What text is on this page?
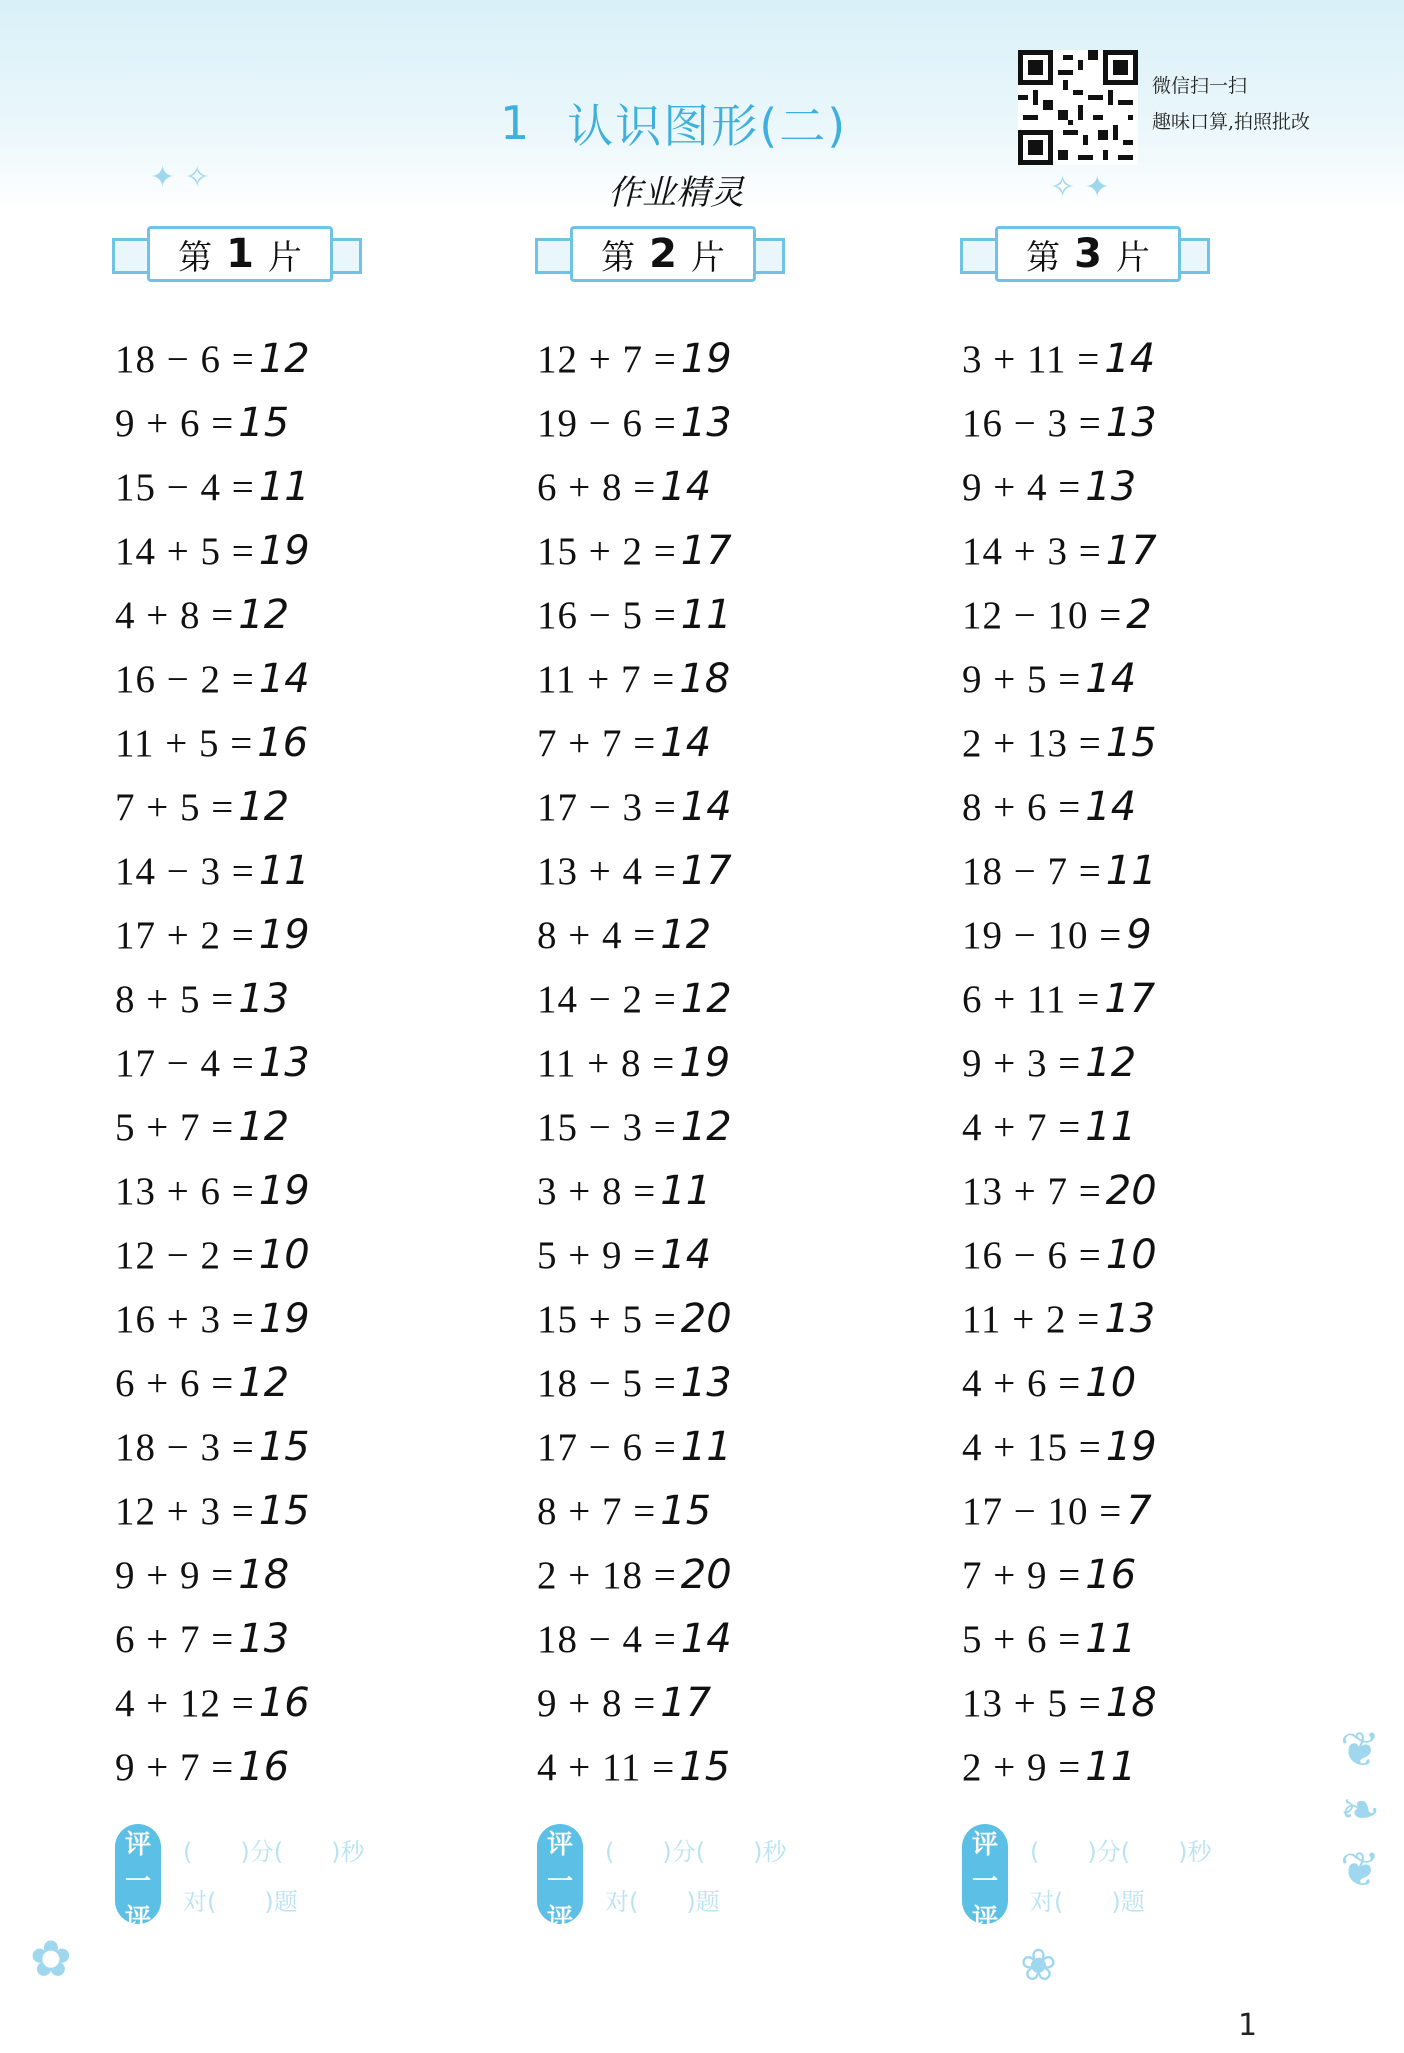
✦ ✧	✧ ✦
✿	❀
❦
❧
❦
1 认识图形(二)
作业精灵
微信扫一扫
趣味口算,拍照批改
第 1 片	第 2 片	第 3 片
18 − 6 = 12
9 + 6 = 15
15 − 4 = 11
14 + 5 = 19
4 + 8 = 12
16 − 2 = 14
11 + 5 = 16
7 + 5 = 12
14 − 3 = 11
17 + 2 = 19
8 + 5 = 13
17 − 4 = 13
5 + 7 = 12
13 + 6 = 19
12 − 2 = 10
16 + 3 = 19
6 + 6 = 12
18 − 3 = 15
12 + 3 = 15
9 + 9 = 18
6 + 7 = 13
4 + 12 = 16
9 + 7 = 16
12 + 7 = 19
19 − 6 = 13
6 + 8 = 14
15 + 2 = 17
16 − 5 = 11
11 + 7 = 18
7 + 7 = 14
17 − 3 = 14
13 + 4 = 17
8 + 4 = 12
14 − 2 = 12
11 + 8 = 19
15 − 3 = 12
3 + 8 = 11
5 + 9 = 14
15 + 5 = 20
18 − 5 = 13
17 − 6 = 11
8 + 7 = 15
2 + 18 = 20
18 − 4 = 14
9 + 8 = 17
4 + 11 = 15
3 + 11 = 14
16 − 3 = 13
9 + 4 = 13
14 + 3 = 17
12 − 10 = 2
9 + 5 = 14
2 + 13 = 15
8 + 6 = 14
18 − 7 = 11
19 − 10 = 9
6 + 11 = 17
9 + 3 = 12
4 + 7 = 11
13 + 7 = 20
16 − 6 = 10
11 + 2 = 13
4 + 6 = 10
4 + 15 = 19
17 − 10 = 7
7 + 9 = 16
5 + 6 = 11
13 + 5 = 18
2 + 9 = 11
评
一
评
(　　)分(　　)秒
对(　　)题
评
一
评
(　　)分(　　)秒
对(　　)题
评
一
评
(　　)分(　　)秒
对(　　)题
1
